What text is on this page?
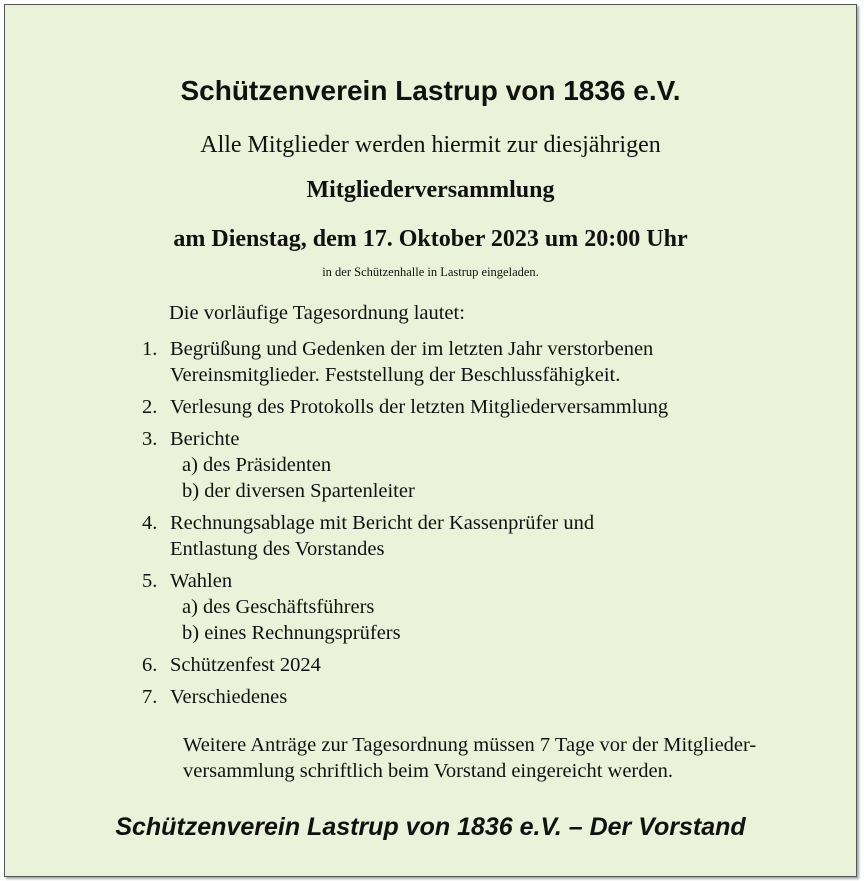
Schützenverein Lastrup von 1836 e.V.
Alle Mitglieder werden hiermit zur diesjährigen
Mitgliederversammlung
am Dienstag, dem 17. Oktober 2023 um 20:00 Uhr
in der Schützenhalle in Lastrup eingeladen.
Die vorläufige Tagesordnung lautet:
1. Begrüßung und Gedenken der im letzten Jahr verstorbenen
Vereinsmitglieder. Feststellung der Beschlussfähigkeit.
2. Verlesung des Protokolls der letzten Mitgliederversammlung
3. Berichte
a) des Präsidenten
b) der diversen Spartenleiter
4. Rechnungsablage mit Bericht der Kassenprüfer und
Entlastung des Vorstandes
5. Wahlen
a) des Geschäftsführers
b) eines Rechnungsprüfers
6. Schützenfest 2024
7. Verschiedenes
Weitere Anträge zur Tagesordnung müssen 7 Tage vor der Mitglieder-
versammlung schriftlich beim Vorstand eingereicht werden.
Schützenverein Lastrup von 1836 e.V. – Der Vorstand
